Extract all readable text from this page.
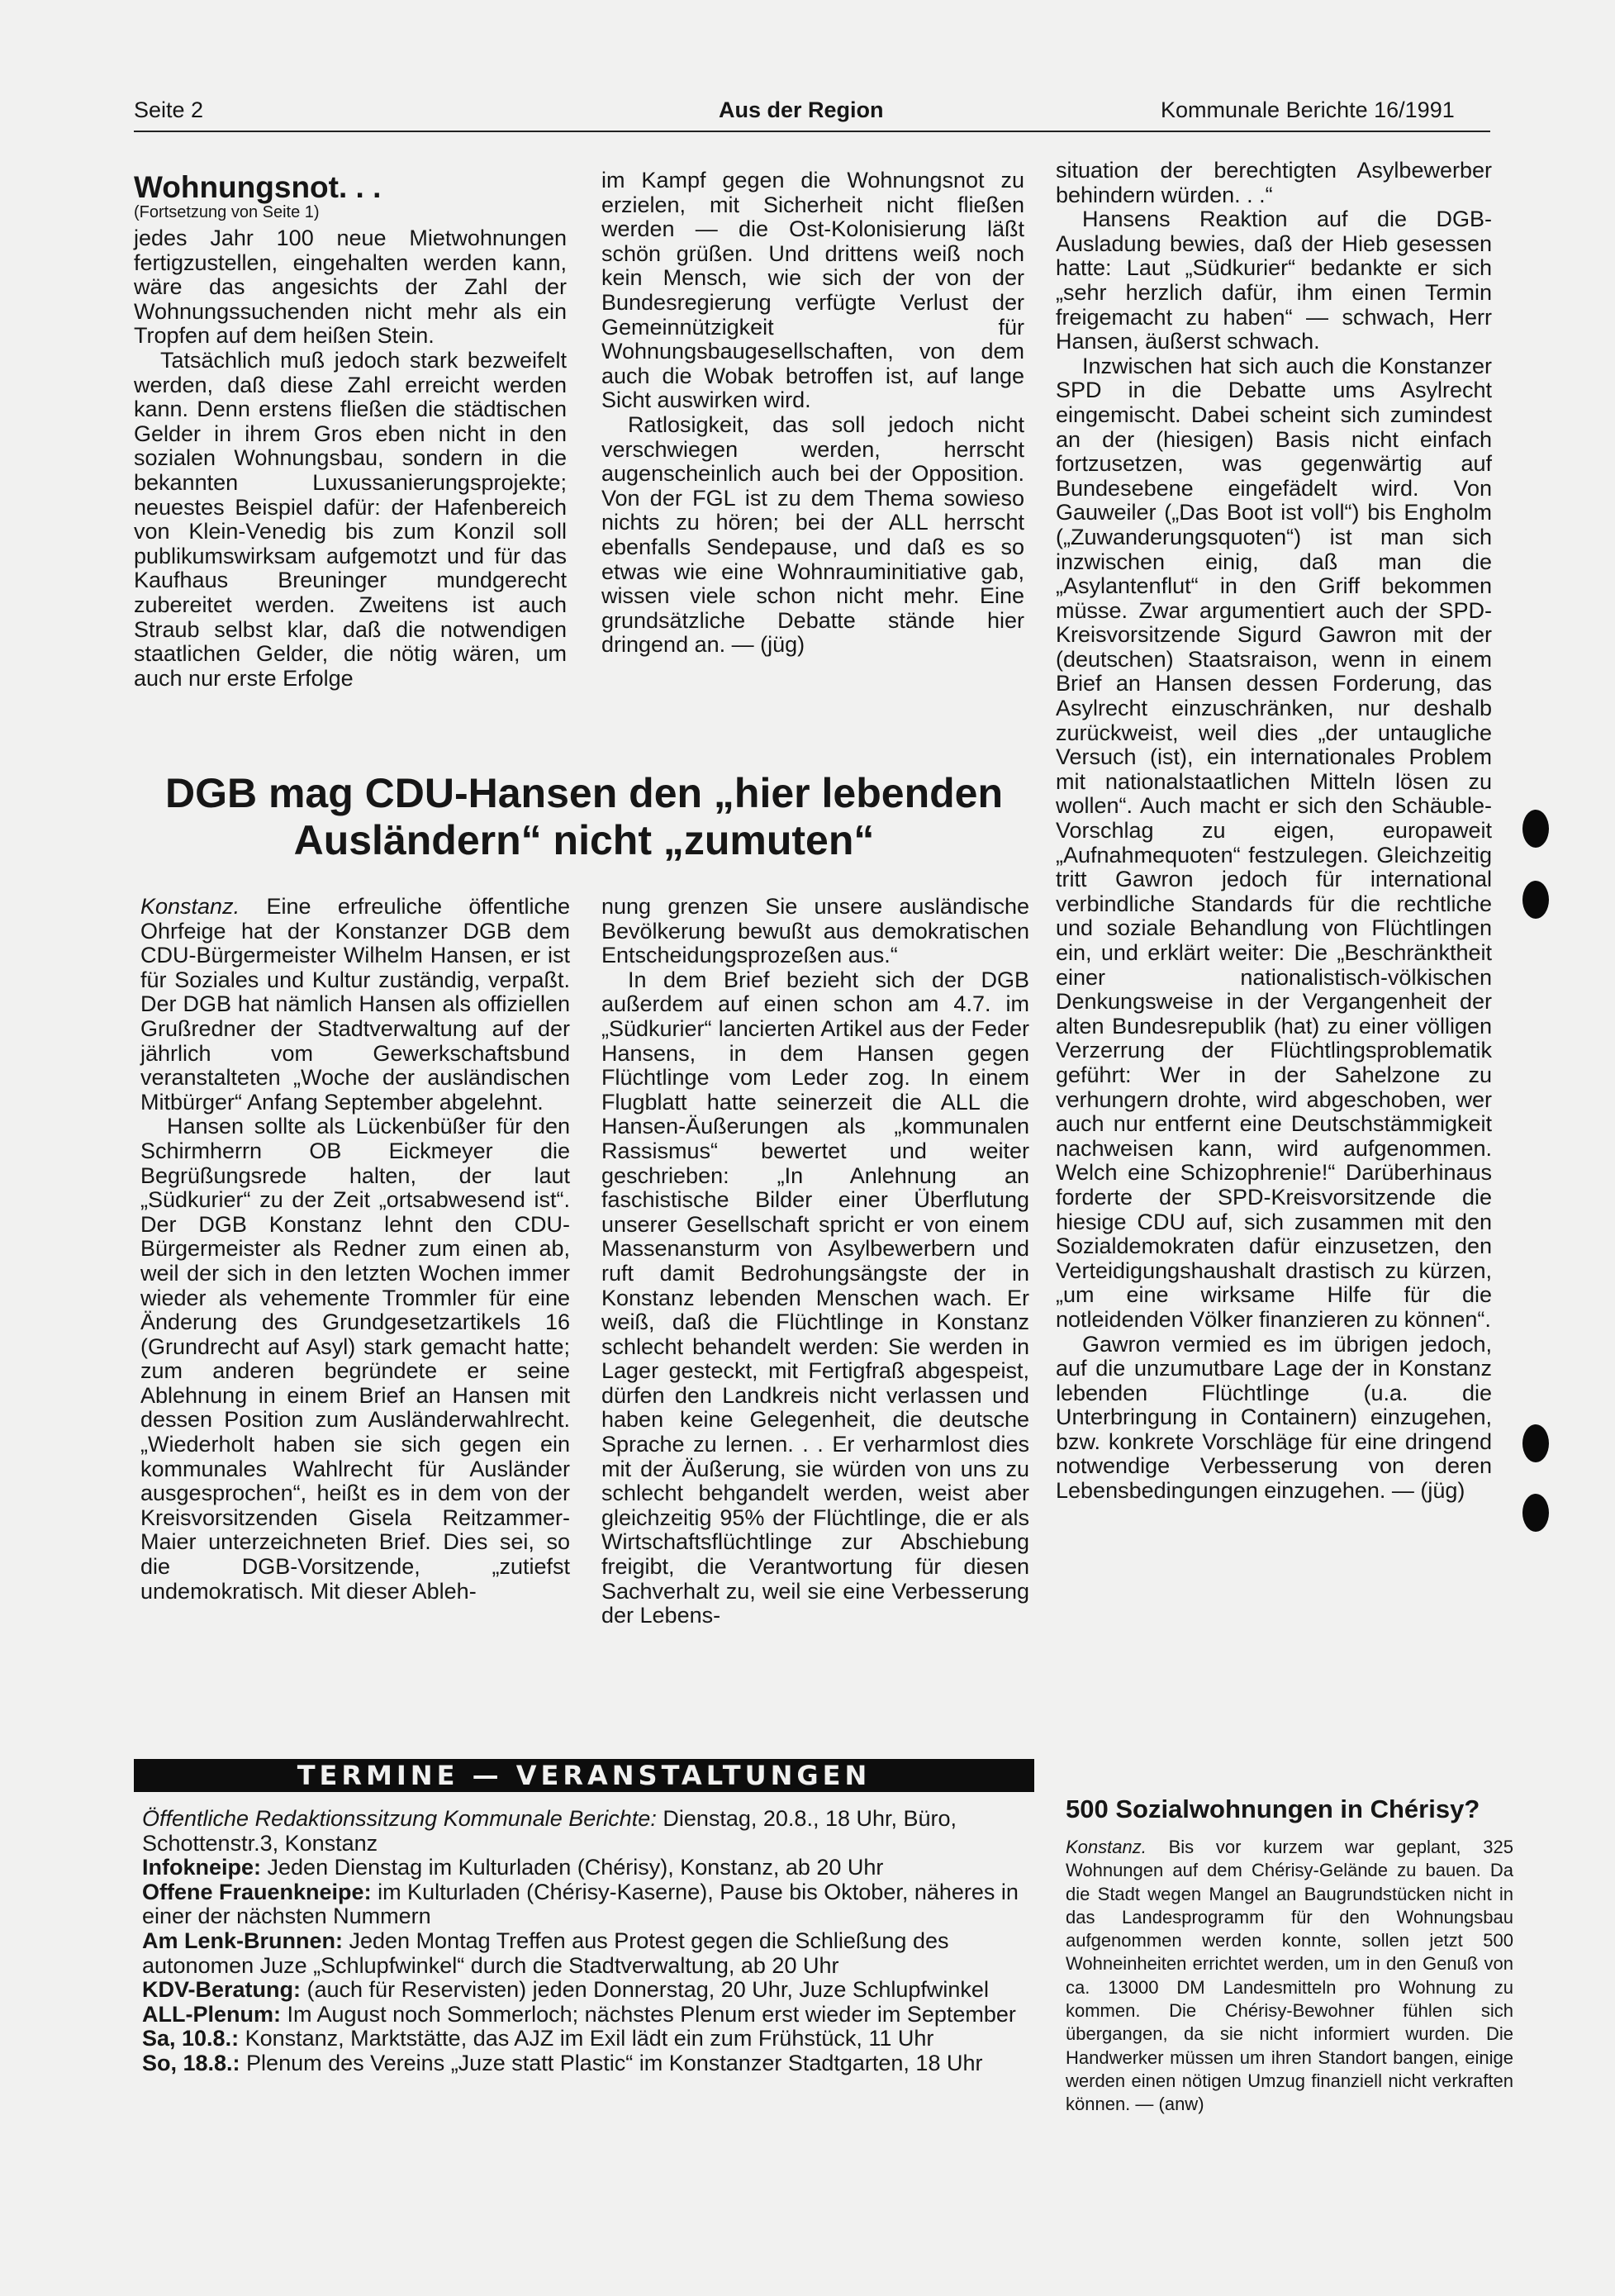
Seite 2	Aus der Region	Kommunale Berichte 16/1991
Wohnungsnot. . .
(Fortsetzung von Seite 1)

jedes Jahr 100 neue Mietwohnungen fertigzustellen, eingehalten werden kann, wäre das angesichts der Zahl der Wohnungssuchenden nicht mehr als ein Tropfen auf dem heißen Stein.

Tatsächlich muß jedoch stark bezweifelt werden, daß diese Zahl erreicht werden kann. Denn erstens fließen die städtischen Gelder in ihrem Gros eben nicht in den sozialen Wohnungsbau, sondern in die bekannten Luxussanierungsprojekte; neuestes Beispiel dafür: der Hafenbereich von Klein-Venedig bis zum Konzil soll publikumswirksam aufgemotzt und für das Kaufhaus Breuninger mundgerecht zubereitet werden. Zweitens ist auch Straub selbst klar, daß die notwendigen staatlichen Gelder, die nötig wären, um auch nur erste Erfolge

im Kampf gegen die Wohnungsnot zu erzielen, mit Sicherheit nicht fließen werden — die Ost-Kolonisierung läßt schön grüßen. Und drittens weiß noch kein Mensch, wie sich der von der Bundesregierung verfügte Verlust der Gemeinnützigkeit für Wohnungsbaugesellschaften, von dem auch die Wobak betroffen ist, auf lange Sicht auswirken wird.

Ratlosigkeit, das soll jedoch nicht verschwiegen werden, herrscht augenscheinlich auch bei der Opposition. Von der FGL ist zu dem Thema sowieso nichts zu hören; bei der ALL herrscht ebenfalls Sendepause, und daß es so etwas wie eine Wohnrauminitiative gab, wissen viele schon nicht mehr. Eine grundsätzliche Debatte stände hier dringend an. — (jüg)

DGB mag CDU-Hansen den „hier lebenden
Ausländern“ nicht „zumuten“

Konstanz. Eine erfreuliche öffentliche Ohrfeige hat der Konstanzer DGB dem CDU-Bürgermeister Wilhelm Hansen, er ist für Soziales und Kultur zuständig, verpaßt. Der DGB hat nämlich Hansen als offiziellen Grußredner der Stadtverwaltung auf der jährlich vom Gewerkschaftsbund veranstalteten „Woche der ausländischen Mitbürger“ Anfang September abgelehnt.

Hansen sollte als Lückenbüßer für den Schirmherrn OB Eickmeyer die Begrüßungsrede halten, der laut „Südkurier“ zu der Zeit „ortsabwesend ist“. Der DGB Konstanz lehnt den CDU-Bürgermeister als Redner zum einen ab, weil der sich in den letzten Wochen immer wieder als vehemente Trommler für eine Änderung des Grundgesetzartikels 16 (Grundrecht auf Asyl) stark gemacht hatte; zum anderen begründete er seine Ablehnung in einem Brief an Hansen mit dessen Position zum Ausländerwahlrecht. „Wiederholt haben sie sich gegen ein kommunales Wahlrecht für Ausländer ausgesprochen“, heißt es in dem von der Kreisvorsitzenden Gisela Reitzammer-Maier unterzeichneten Brief. Dies sei, so die DGB-Vorsitzende, „zutiefst undemokratisch. Mit dieser Ableh-

nung grenzen Sie unsere ausländische Bevölkerung bewußt aus demokratischen Entscheidungsprozeßen aus.“

In dem Brief bezieht sich der DGB außerdem auf einen schon am 4.7. im „Südkurier“ lancierten Artikel aus der Feder Hansens, in dem Hansen gegen Flüchtlinge vom Leder zog. In einem Flugblatt hatte seinerzeit die ALL die Hansen-Äußerungen als „kommunalen Rassismus“ bewertet und weiter geschrieben: „In Anlehnung an faschistische Bilder einer Überflutung unserer Gesellschaft spricht er von einem Massenansturm von Asylbewerbern und ruft damit Bedrohungsängste der in Konstanz lebenden Menschen wach. Er weiß, daß die Flüchtlinge in Konstanz schlecht behandelt werden: Sie werden in Lager gesteckt, mit Fertigfraß abgespeist, dürfen den Landkreis nicht verlassen und haben keine Gelegenheit, die deutsche Sprache zu lernen. . . Er verharmlost dies mit der Äußerung, sie würden von uns zu schlecht behgandelt werden, weist aber gleichzeitig 95% der Flüchtlinge, die er als Wirtschaftsflüchtlinge zur Abschiebung freigibt, die Verantwortung für diesen Sachverhalt zu, weil sie eine Verbesserung der Lebens-

situation der berechtigten Asylbewerber behindern würden. . .“

Hansens Reaktion auf die DGB-Ausladung bewies, daß der Hieb gesessen hatte: Laut „Südkurier“ bedankte er sich „sehr herzlich dafür, ihm einen Termin freigemacht zu haben“ — schwach, Herr Hansen, äußerst schwach.

Inzwischen hat sich auch die Konstanzer SPD in die Debatte ums Asylrecht eingemischt. Dabei scheint sich zumindest an der (hiesigen) Basis nicht einfach fortzusetzen, was gegenwärtig auf Bundesebene eingefädelt wird. Von Gauweiler („Das Boot ist voll“) bis Engholm („Zuwanderungsquoten“) ist man sich inzwischen einig, daß man die „Asylantenflut“ in den Griff bekommen müsse. Zwar argumentiert auch der SPD-Kreisvorsitzende Sigurd Gawron mit der (deutschen) Staatsraison, wenn in einem Brief an Hansen dessen Forderung, das Asylrecht einzuschränken, nur deshalb zurückweist, weil dies „der untaugliche Versuch (ist), ein internationales Problem mit nationalstaatlichen Mitteln lösen zu wollen“. Auch macht er sich den Schäuble-Vorschlag zu eigen, europaweit „Aufnahmequoten“ festzulegen. Gleichzeitig tritt Gawron jedoch für international verbindliche Standards für die rechtliche und soziale Behandlung von Flüchtlingen ein, und erklärt weiter: Die „Beschränktheit einer nationalistisch-völkischen Denkungsweise in der Vergangenheit der alten Bundesrepublik (hat) zu einer völligen Verzerrung der Flüchtlingsproblematik geführt: Wer in der Sahelzone zu verhungern drohte, wird abgeschoben, wer auch nur entfernt eine Deutschstämmigkeit nachweisen kann, wird aufgenommen. Welch eine Schizophrenie!“ Darüberhinaus forderte der SPD-Kreisvorsitzende die hiesige CDU auf, sich zusammen mit den Sozialdemokraten dafür einzusetzen, den Verteidigungshaushalt drastisch zu kürzen, „um eine wirksame Hilfe für die notleidenden Völker finanzieren zu können“.

Gawron vermied es im übrigen jedoch, auf die unzumutbare Lage der in Konstanz lebenden Flüchtlinge (u.a. die Unterbringung in Containern) einzugehen, bzw. konkrete Vorschläge für eine dringend notwendige Verbesserung von deren Lebensbedingungen einzugehen. — (jüg)

TERMINE — VERANSTALTUNGEN

Öffentliche Redaktionssitzung Kommunale Berichte: Dienstag, 20.8., 18 Uhr, Büro, Schottenstr.3, Konstanz

Infokneipe: Jeden Dienstag im Kulturladen (Chérisy), Konstanz, ab 20 Uhr

Offene Frauenkneipe: im Kulturladen (Chérisy-Kaserne), Pause bis Oktober, näheres in einer der nächsten Nummern

Am Lenk-Brunnen: Jeden Montag Treffen aus Protest gegen die Schließung des autonomen Juze „Schlupfwinkel“ durch die Stadtverwaltung, ab 20 Uhr

KDV-Beratung: (auch für Reservisten) jeden Donnerstag, 20 Uhr, Juze Schlupfwinkel

ALL-Plenum: Im August noch Sommerloch; nächstes Plenum erst wieder im September

Sa, 10.8.: Konstanz, Marktstätte, das AJZ im Exil lädt ein zum Frühstück, 11 Uhr

So, 18.8.: Plenum des Vereins „Juze statt Plastic“ im Konstanzer Stadtgarten, 18 Uhr

500 Sozialwohnungen in Chérisy?

Konstanz. Bis vor kurzem war geplant, 325 Wohnungen auf dem Chérisy-Gelände zu bauen. Da die Stadt wegen Mangel an Baugrundstücken nicht in das Landesprogramm für den Wohnungsbau aufgenommen werden konnte, sollen jetzt 500 Wohneinheiten errichtet werden, um in den Genuß von ca. 13000 DM Landesmitteln pro Wohnung zu kommen. Die Chérisy-Bewohner fühlen sich übergangen, da sie nicht informiert wurden. Die Handwerker müssen um ihren Standort bangen, einige werden einen nötigen Umzug finanziell nicht verkraften können. — (anw)
